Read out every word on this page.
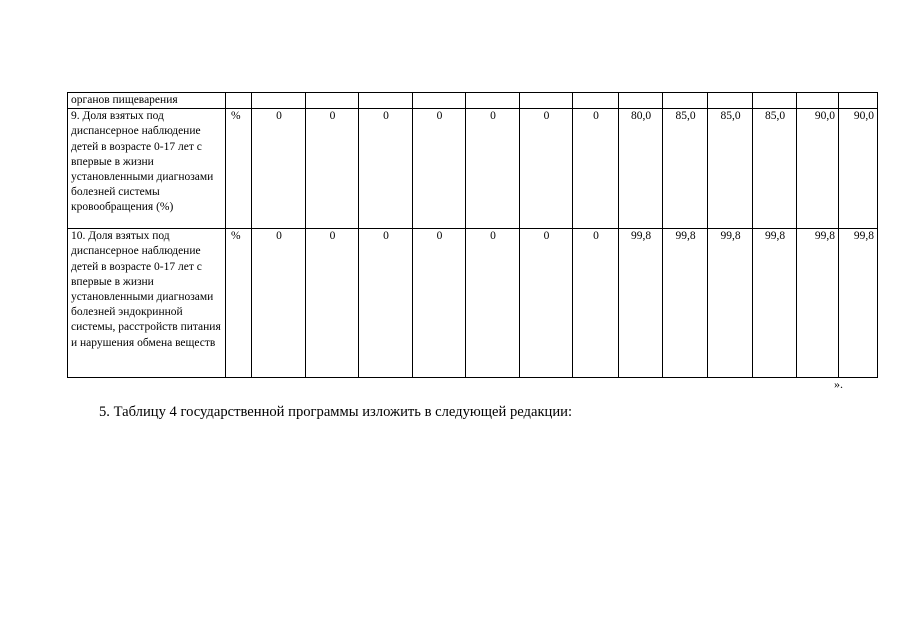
органов пищеварения														
9. Доля взятых под диспансерное наблюдение детей в возрасте 0-17 лет с впервые в жизни установленными диагнозами болезней системы кровообращения (%)	%	0	0	0	0	0	0	0	80,0	85,0	85,0	85,0	90,0	90,0
10. Доля взятых под диспансерное наблюдение детей в возрасте 0-17 лет с впервые в жизни установленными диагнозами болезней эндокринной системы, расстройств питания и нарушения обмена веществ	%	0	0	0	0	0	0	0	99,8	99,8	99,8	99,8	99,8	99,8
».
5. Таблицу 4 государственной программы изложить в следующей редакции:
